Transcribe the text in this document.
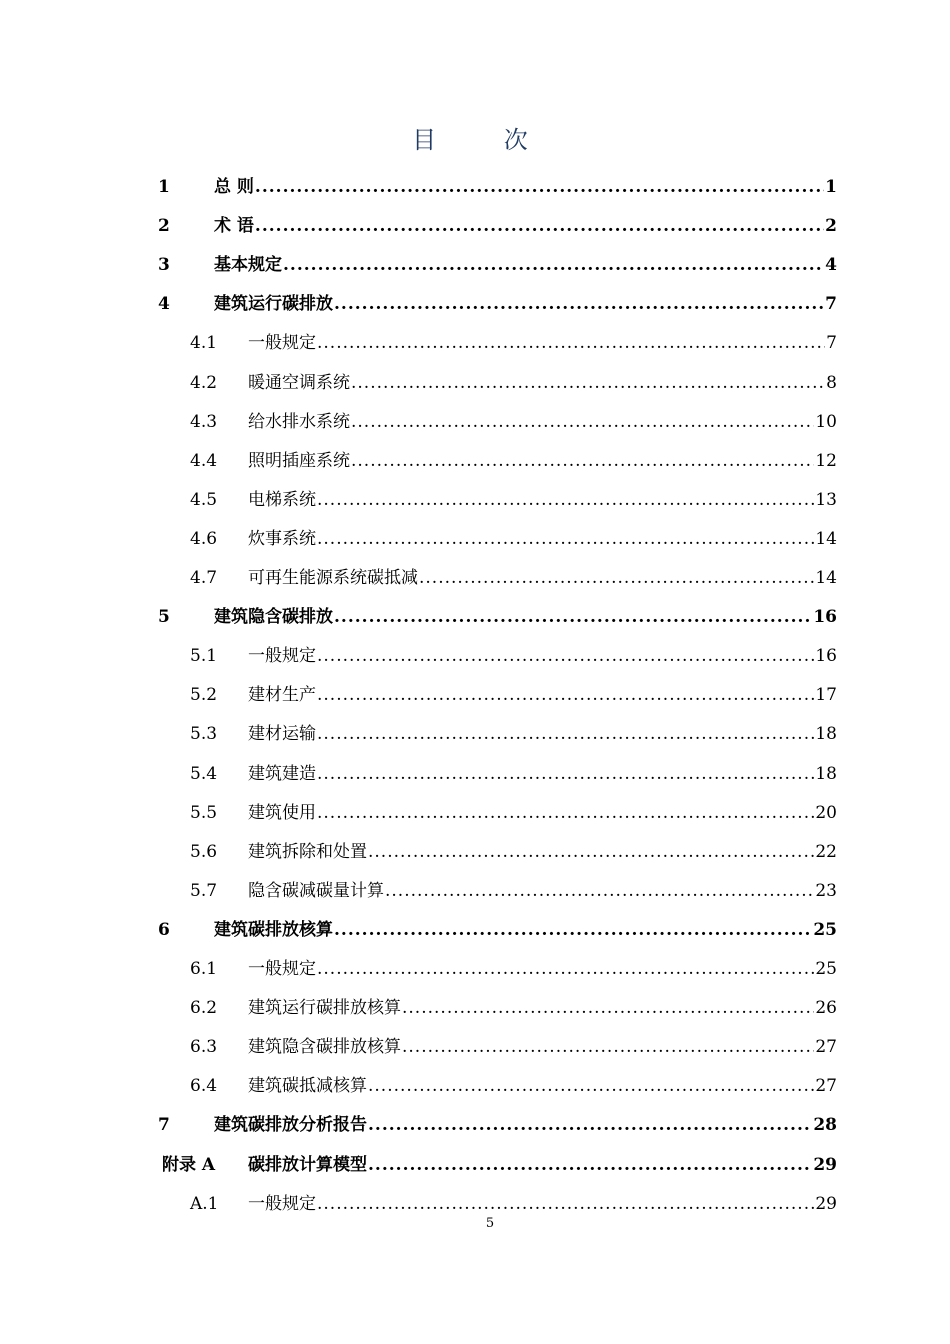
目 次
1	总 则 .....	1
2	术 语 .....	2
3	基本规定 .....	4
4	建筑运行碳排放 .....	7
4.1 一般规定 .....	7
4.2 暖通空调系统 .....	8
4.3 给水排水系统 .....	10
4.4 照明插座系统 .....	12
4.5 电梯系统 .....	13
4.6 炊事系统 .....	14
4.7 可再生能源系统碳抵减 .....	14
5	建筑隐含碳排放 .....	16
5.1 一般规定 .....	16
5.2 建材生产 .....	17
5.3 建材运输 .....	18
5.4 建筑建造 .....	18
5.5 建筑使用 .....	20
5.6 建筑拆除和处置 .....	22
5.7 隐含碳减碳量计算 .....	23
6	建筑碳排放核算 .....	25
6.1 一般规定 .....	25
6.2 建筑运行碳排放核算 .....	26
6.3 建筑隐含碳排放核算 .....	27
6.4 建筑碳抵减核算 .....	27
7	建筑碳排放分析报告 .....	28
附录 A 碳排放计算模型 .....	29
A.1 一般规定 .....	29
5
